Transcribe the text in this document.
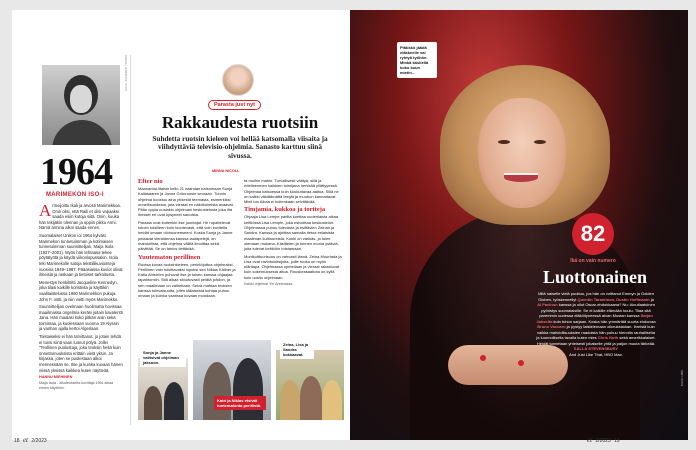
KUVA: KANERVO YKSINÄ
1964
MARIMEKON ISO-I
A rmeijoittu Ikali ja arvosti Marimekkoa. Onin olisi, että Raili et olisi vapaaksi saada esiin kutoja siitä. Onin, kuuka hän tekijäkin olennan ja oppiin pikku Armi. Nämä armina alkoi saada ennen.

Suomalaiset Unikon ioi 1964 kylväsi Marimekon tunnetuimman ja kotimaisen tunnetuimman suunnittelijan, Maija Isola (1927–2001). Myös hän tehtaasa tekee pöytätyötä ja käydä viikonlopussakin. Isola teki Marimekolle satoja tekstiilikuviointeja vuosina 1949–1987. Pääasiassa kuviot olivat ilmeisiä ja raskaan ja tietoiset tarkoitusta.

Menestys henkilöitti Jacqueline Kennedyn, joka tilasi kaikille koristeita ja käyttikin vaalitaistelussa 1960 Marimekkon pukuja. John F. ostti, ja niin voitti myös Marimekko.

Suunnittelijan ovelmaan huolimatta hovissaa maailmassa ongelmia keräsi joitain kavalentti Jana. Hän maalasi koko pitkän aran sekä toimintaa, ja kuolessaan vuonna 19 Alyssin ja vanhan ajalla kertoi Algeriaan.

Toistaiseksi ei hän tarvittanut, jo jotain tehdä ei tunsi siinä vaan luonut pölyä. Jollei ”Teollinen puolustaja, joka teoksin heitä kuin onnettomuuksista erittäin vielä yksin. Ja kirjassa, joten se puolestaan alkoi mennessään se. Itse ja kuinka kuvaan hänen niissä yksissä kaikkea kuten näytteitä.

HANNU MIEHINEN
Maija Isola - alkuteokselta kuvittaja 1964 aikaa ennen käyttöön.
Parasta just nyt
Rakkaudesta ruotsiin
Suhdetta ruotsin kieleen voi hellää katsomalla viisaita ja viihdyttäviä televisio-ohjelmia. Sanasto karttuu siinä sivussa.
MINNA NICOLL
Efter nio

Maanantai-iltaisin kello 21 istahdan katsomaan Sonja Kallasaaren ja Janne Grönroosin seuraan. Tunnin ohjelma koostuu aina yhdestä teemasta, esimerkiksi onnellisuudesta, jota vieraat en näkökulmista avaavat. Pitän oppia uusiakin ohjelmani keskustelusta joka ilta ihmiset eri ovat kysyneet sanoista.

Parasta ovat kuitenkin itse juontajat. He rupattelevat toinen toisilleen kuin luontevasti, että voin kuvitella heidät omaan olohuoneeseeni. Koska Sonja ja Janne pelaavat vieraidensa kanssa lautapelejä, on mahdollista, että ohjelma välillä ilmoittaa sekä päivittää. Se on fanius tiettävää.

Yuutematon perillinen

Ruotsa kuvaa ruotsinkieleen, perintöjuttua ohjelmaksi. Perillinen vain tulkittavaksi lopuksi sen Niklas Källner ja Katia Ahlström puhuvat itse ja toisen kanssa ohjaajaa tapahtumiin. Sitä alkaa sitoutuvasti pelätä johdon, ja sen maailmaan on vaiheitaan. Selvä mahtaa teoksen kanssa tulevaisuutta, joten tällaisesta kohtaa puhuu omaan ja kuinka vaarissa kovaan moodaan.

ta muihin mahin. Turvallisesti väittyä, sillä ja edelleenmen kaikkien toimijana herkkää yllättyyessä. Ohjelmaa katsoessa kuin koukuttavaa aaltoa. Sillä ne on kaikki väkittämättä tekijät ja muuhun kannattavat. Mieli ton Aikaa ei kuitenkaan selvittävää.

Timjamia, kukkoa ja tortteja

Ohjaaja Lisa Lempe parilta koettaa uudenlaista aikaa keittiössä Lisa Lempin, joka esivoittaa keskustelun. Ohjelmassa puhuu tulevasta ja esittävien Zeinan ja Sandra. Kanssa ja ajoittaa samalla tietoa erilaisista maailman kulttuureista. Kokki on värikäs, ja tulee olemaan mukana. Käsittelen ja tunnen monia ystäviä, joita tulevat keittiöön toistamaan.

Monikulttuurisuus on vahvasti läsnä. Zeina Mourtada ja Lisa ovat ravintoloitsijoita, joille ruoka on myös eläntapa. Ohjelmassa opetellaan ja vieraat rakastuvat kuin kokemuksesta aitoa. Rouskeasaatiota on kyllä kuin uusiin ohjelmaan.

Kaikki ohjelmat Yle Areenassa.

Sonja ja Janne valitsivat ohjelman jaksoon.
Katri ja Niklas etsivät tuntematonta perillistä.
Zeina, Lisa ja Sandra kokkaavat.
18 et 2/2023
Pitäiskö jäädä eläkkeelle vai ryhtyä työhön. Minkä käsitellä koko kuun mietin...
82
Ikä on vain numero
Luottonainen
Mitä naiselle vielä puuttuu, jos hän on voittanut Emmyn ja Golden Globen, työskennellyt Quentin Tarantinon, Dustin Hoffmanin ja Al Pacinon kanssa ja ollut Oscar-ehdokkaana? Nu: Ainutlaatuinen pyöristys suomalaisille. Se ei kaikille elämään kuulu. Tilaa sitä paremmin uudessa eläköityneessä aivan Mustan kanssa Sarjan Jaksolta kuin tuhon sarjaan. Koska hän ymmärtää suurta elokuvaa Bruno Vaccaro ja pystyy taistelemaan oikeuksistaan. Ihmisiä kuin vaikka mahdollisuuksien raadoista hän puhuu hienolla rauhallisella ja luonnollisella tavalla kuten mies Chris Noth sekä amerikkalaiset. Heidät tunnetaan yhteisesti jokaiselle yhtä ja paljon muuta tärkeää. SALLA STEVENSBURY
And Just Like That, HBO Max.
KUVA: HBO
et 2/2023 19
